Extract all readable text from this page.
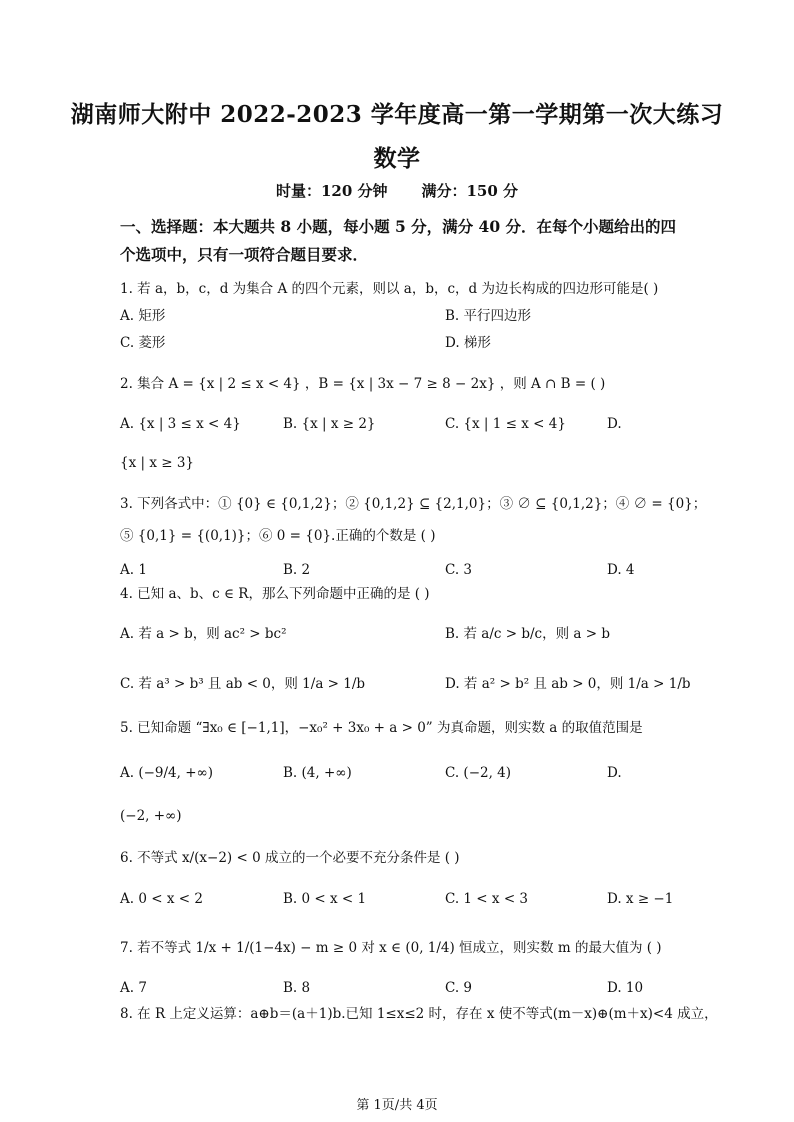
湖南师大附中 2022-2023 学年度高一第一学期第一次大练习
数学
时量：120 分钟 满分：150 分
一、选择题：本大题共 8 小题，每小题 5 分，满分 40 分．在每个小题给出的四
个选项中，只有一项符合题目要求．
1. 若 a，b，c，d 为集合 A 的四个元素，则以 a，b，c，d 为边长构成的四边形可能是( )
A. 矩形	B. 平行四边形
C. 菱形	D. 梯形
2. 集合 A = {x | 2 ≤ x < 4} ，B = {x | 3x − 7 ≥ 8 − 2x} ，则 A ∩ B = ( )
A. {x | 3 ≤ x < 4}	B. {x | x ≥ 2}	C. {x | 1 ≤ x < 4}	D.
{x | x ≥ 3}
3. 下列各式中：① {0} ∈ {0,1,2}；② {0,1,2} ⊆ {2,1,0}；③ ∅ ⊆ {0,1,2}；④ ∅ = {0}；
⑤ {0,1} = {(0,1)}；⑥ 0 = {0}.正确的个数是 ( )
A. 1	B. 2	C. 3	D. 4
4. 已知 a、b、c ∈ R，那么下列命题中正确的是 ( )
A. 若 a > b，则 ac² > bc²	B. 若 a/c > b/c，则 a > b
C. 若 a³ > b³ 且 ab < 0，则 1/a > 1/b	D. 若 a² > b² 且 ab > 0，则 1/a > 1/b
5. 已知命题 “∃x₀ ∈ [−1,1]，−x₀² + 3x₀ + a > 0” 为真命题，则实数 a 的取值范围是
A. (−9/4, +∞)	B. (4, +∞)	C. (−2, 4)	D.
(−2, +∞)
6. 不等式 x/(x−2) < 0 成立的一个必要不充分条件是 ( )
A. 0 < x < 2	B. 0 < x < 1	C. 1 < x < 3	D. x ≥ −1
7. 若不等式 1/x + 1/(1−4x) − m ≥ 0 对 x ∈ (0, 1/4) 恒成立，则实数 m 的最大值为 ( )
A. 7	B. 8	C. 9	D. 10
8. 在 R 上定义运算：a⊕b＝(a＋1)b.已知 1≤x≤2 时，存在 x 使不等式(m－x)⊕(m＋x)<4 成立，
第 1页/共 4页
